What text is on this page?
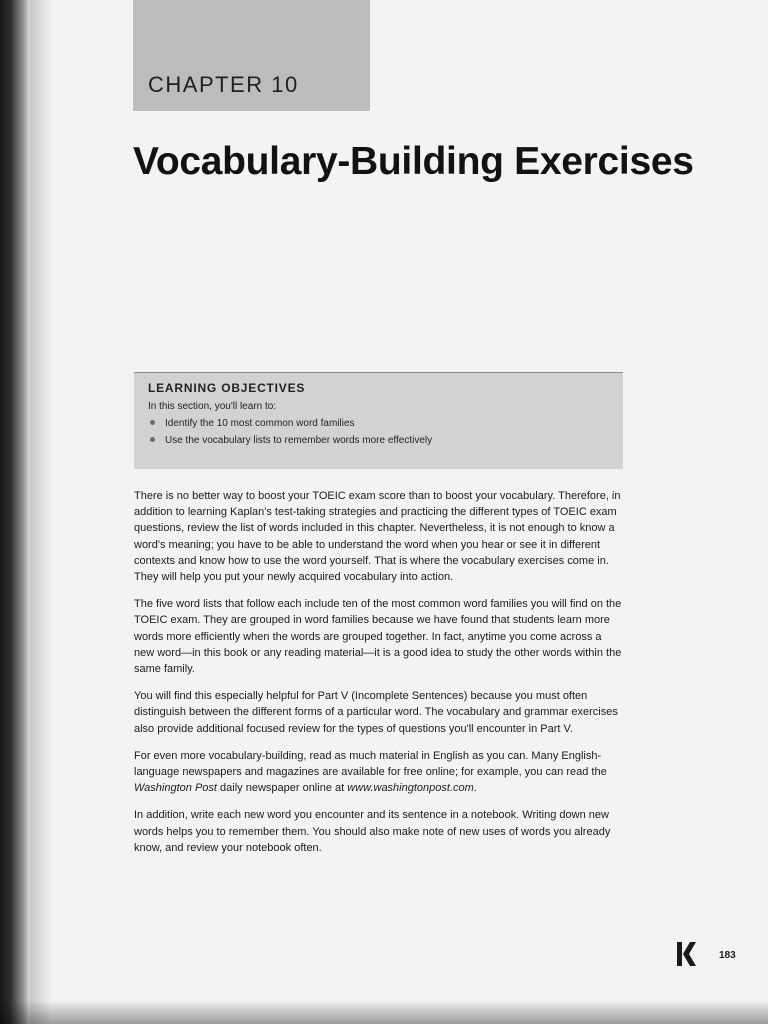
CHAPTER 10
Vocabulary-Building Exercises
LEARNING OBJECTIVES
In this section, you'll learn to:
Identify the 10 most common word families
Use the vocabulary lists to remember words more effectively

There is no better way to boost your TOEIC exam score than to boost your vocabulary. Therefore, in addition to learning Kaplan's test-taking strategies and practicing the different types of TOEIC exam questions, review the list of words included in this chapter. Nevertheless, it is not enough to know a word's meaning; you have to be able to understand the word when you hear or see it in different contexts and know how to use the word yourself. That is where the vocabulary exercises come in. They will help you put your newly acquired vocabulary into action.

The five word lists that follow each include ten of the most common word families you will find on the TOEIC exam. They are grouped in word families because we have found that students learn more words more efficiently when the words are grouped together. In fact, anytime you come across a new word—in this book or any reading material—it is a good idea to study the other words within the same family.

You will find this especially helpful for Part V (Incomplete Sentences) because you must often distinguish between the different forms of a particular word. The vocabulary and grammar exercises also provide additional focused review for the types of questions you'll encounter in Part V.

For even more vocabulary-building, read as much material in English as you can. Many English-language newspapers and magazines are available for free online; for example, you can read the Washington Post daily newspaper online at www.washingtonpost.com.

In addition, write each new word you encounter and its sentence in a notebook. Writing down new words helps you to remember them. You should also make note of new uses of words you already know, and review your notebook often.

183
